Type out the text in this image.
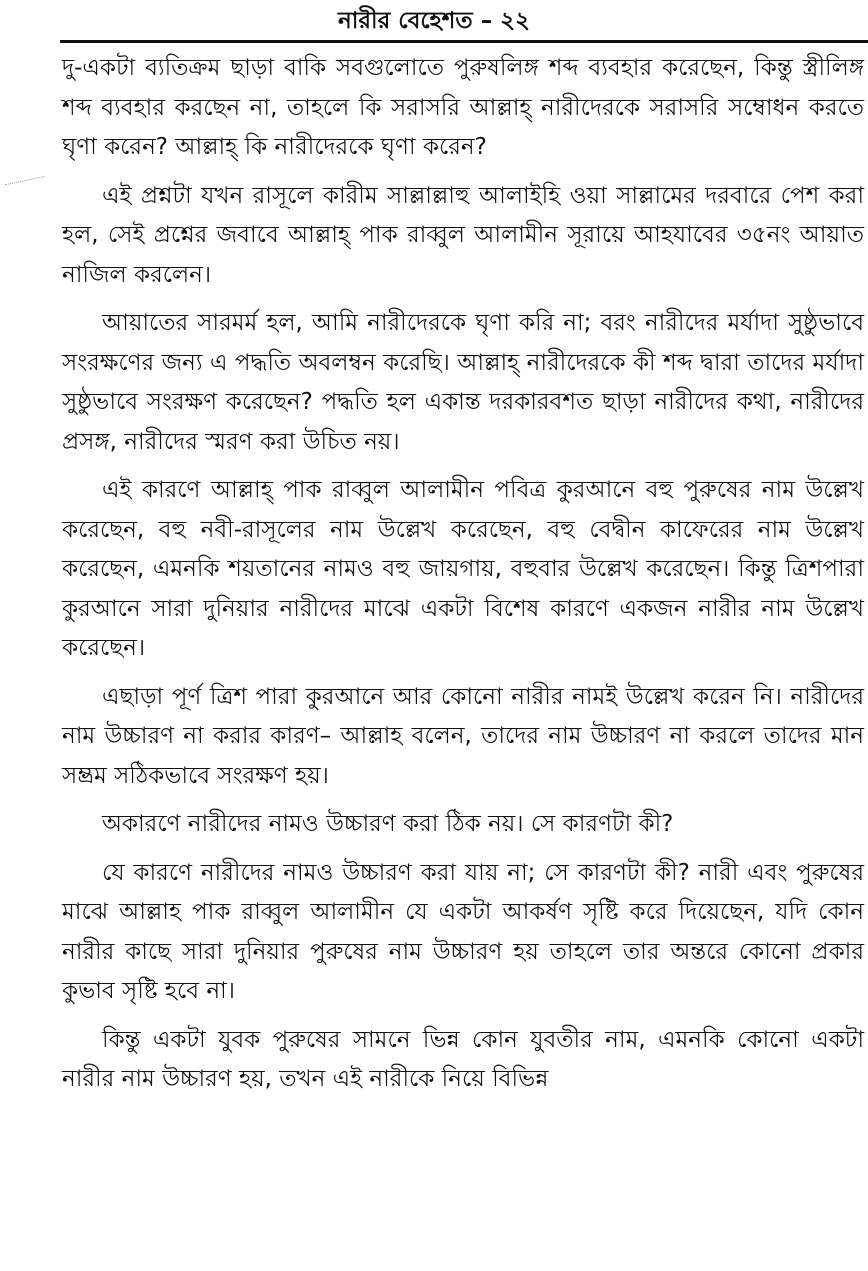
নারীর বেহেশত – ২২

দু-একটা ব্যতিক্রম ছাড়া বাকি সবগুলোতে পুরুষলিঙ্গ শব্দ ব্যবহার করেছেন, কিন্তু স্ত্রীলিঙ্গ শব্দ ব্যবহার করছেন না, তাহলে কি সরাসরি আল্লাহ্ নারীদেরকে সরাসরি সম্বোধন করতে ঘৃণা করেন? আল্লাহ্ কি নারীদেরকে ঘৃণা করেন?

এই প্রশ্নটা যখন রাসূলে কারীম সাল্লাল্লাহু আলাইহি ওয়া সাল্লামের দরবারে পেশ করা হল, সেই প্রশ্নের জবাবে আল্লাহ্ পাক রাব্বুল আলামীন সূরায়ে আহযাবের ৩৫নং আয়াত নাজিল করলেন।

আয়াতের সারমর্ম হল, আমি নারীদেরকে ঘৃণা করি না; বরং নারীদের মর্যাদা সুষ্ঠুভাবে সংরক্ষণের জন্য এ পদ্ধতি অবলম্বন করেছি। আল্লাহ্ নারীদেরকে কী শব্দ দ্বারা তাদের মর্যাদা সুষ্ঠুভাবে সংরক্ষণ করেছেন? পদ্ধতি হল একান্ত দরকারবশত ছাড়া নারীদের কথা, নারীদের প্রসঙ্গ, নারীদের স্মরণ করা উচিত নয়।

এই কারণে আল্লাহ্ পাক রাব্বুল আলামীন পবিত্র কুরআনে বহু পুরুষের নাম উল্লেখ করেছেন, বহু নবী-রাসূলের নাম উল্লেখ করেছেন, বহু বেদ্বীন কাফেরের নাম উল্লেখ করেছেন, এমনকি শয়তানের নামও বহু জায়গায়, বহুবার উল্লেখ করেছেন। কিন্তু ত্রিশপারা কুরআনে সারা দুনিয়ার নারীদের মাঝে একটা বিশেষ কারণে একজন নারীর নাম উল্লেখ করেছেন।

এছাড়া পূর্ণ ত্রিশ পারা কুরআনে আর কোনো নারীর নামই উল্লেখ করেন নি। নারীদের নাম উচ্চারণ না করার কারণ– আল্লাহ বলেন, তাদের নাম উচ্চারণ না করলে তাদের মান সম্ভ্রম সঠিকভাবে সংরক্ষণ হয়।

অকারণে নারীদের নামও উচ্চারণ করা ঠিক নয়। সে কারণটা কী?

যে কারণে নারীদের নামও উচ্চারণ করা যায় না; সে কারণটা কী? নারী এবং পুরুষের মাঝে আল্লাহ পাক রাব্বুল আলামীন যে একটা আকর্ষণ সৃষ্টি করে দিয়েছেন, যদি কোন নারীর কাছে সারা দুনিয়ার পুরুষের নাম উচ্চারণ হয় তাহলে তার অন্তরে কোনো প্রকার কুভাব সৃষ্টি হবে না।

কিন্তু একটা যুবক পুরুষের সামনে ভিন্ন কোন যুবতীর নাম, এমনকি কোনো একটা নারীর নাম উচ্চারণ হয়, তখন এই নারীকে নিয়ে বিভিন্ন
